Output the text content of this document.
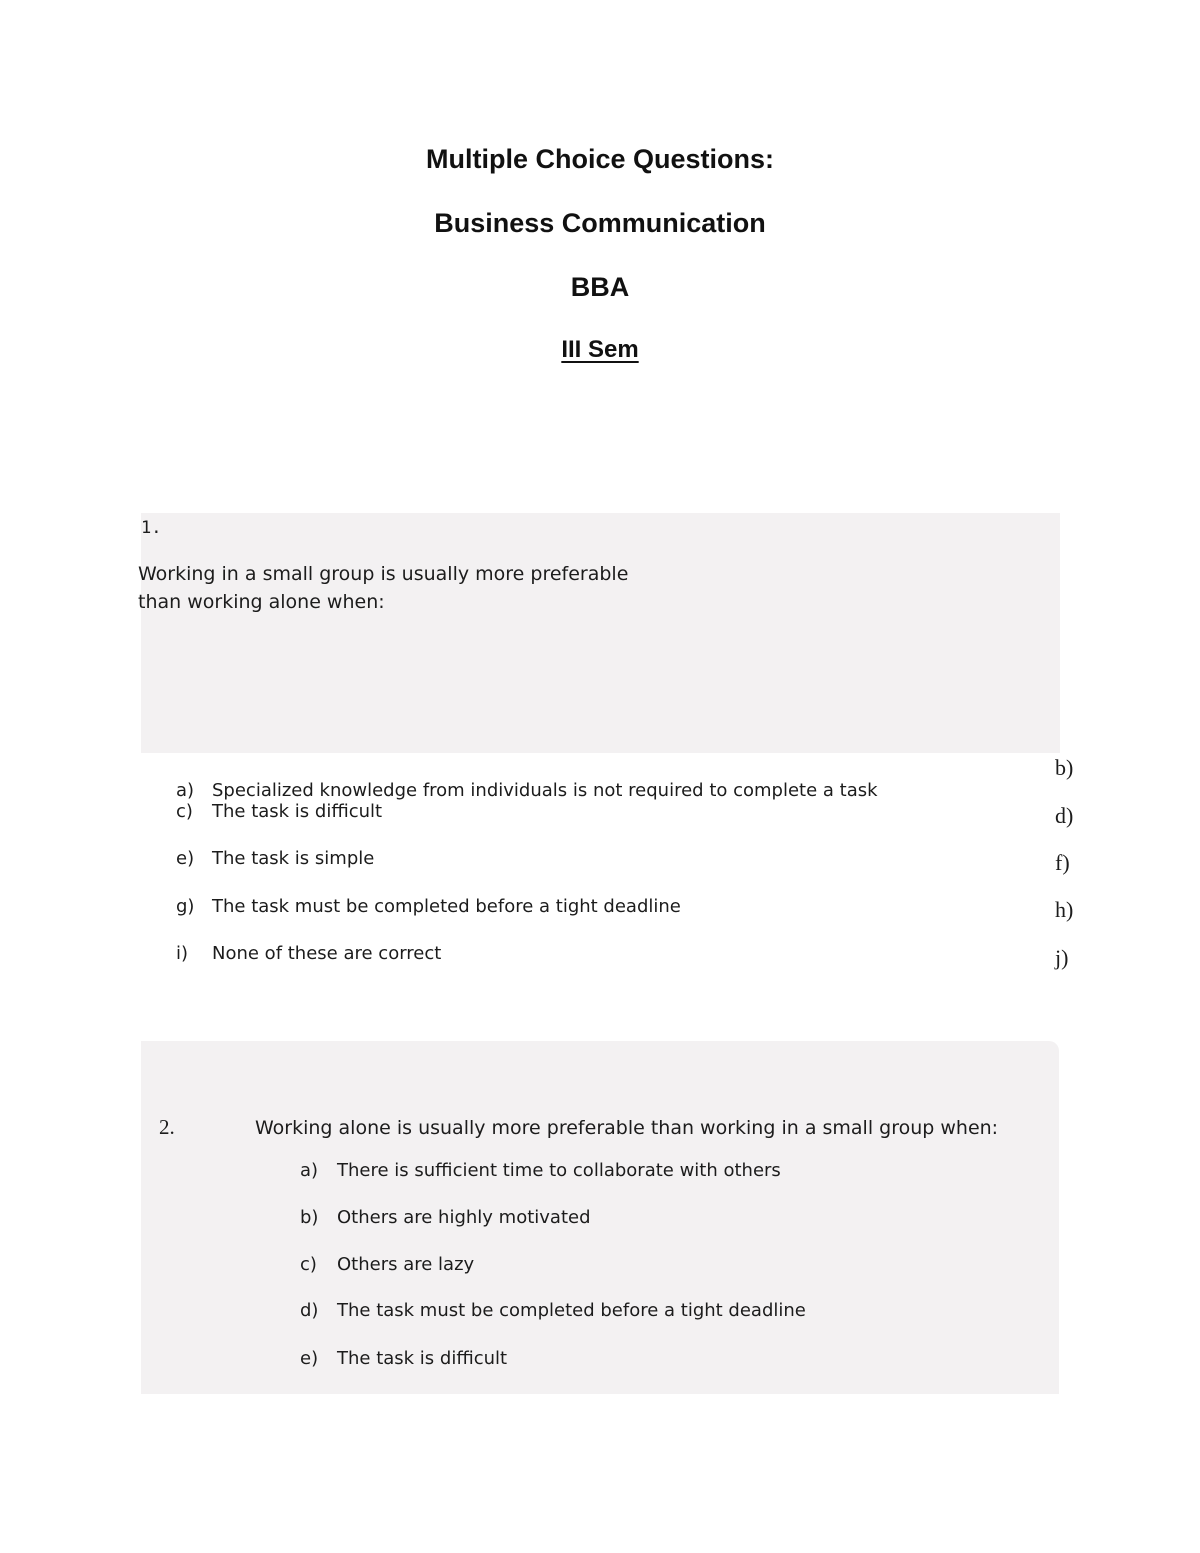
Multiple Choice Questions:
Business Communication
BBA
III Sem
1.
Working in a small group is usually more preferable
than working alone when:
a) Specialized knowledge from individuals is not required to complete a task
c) The task is difficult
e) The task is simple
g) The task must be completed before a tight deadline
i) None of these are correct
b)
d)
f)
h)
j)
2.	Working alone is usually more preferable than working in a small group when:
a) There is sufficient time to collaborate with others
b) Others are highly motivated
c) Others are lazy
d) The task must be completed before a tight deadline
e) The task is difficult
